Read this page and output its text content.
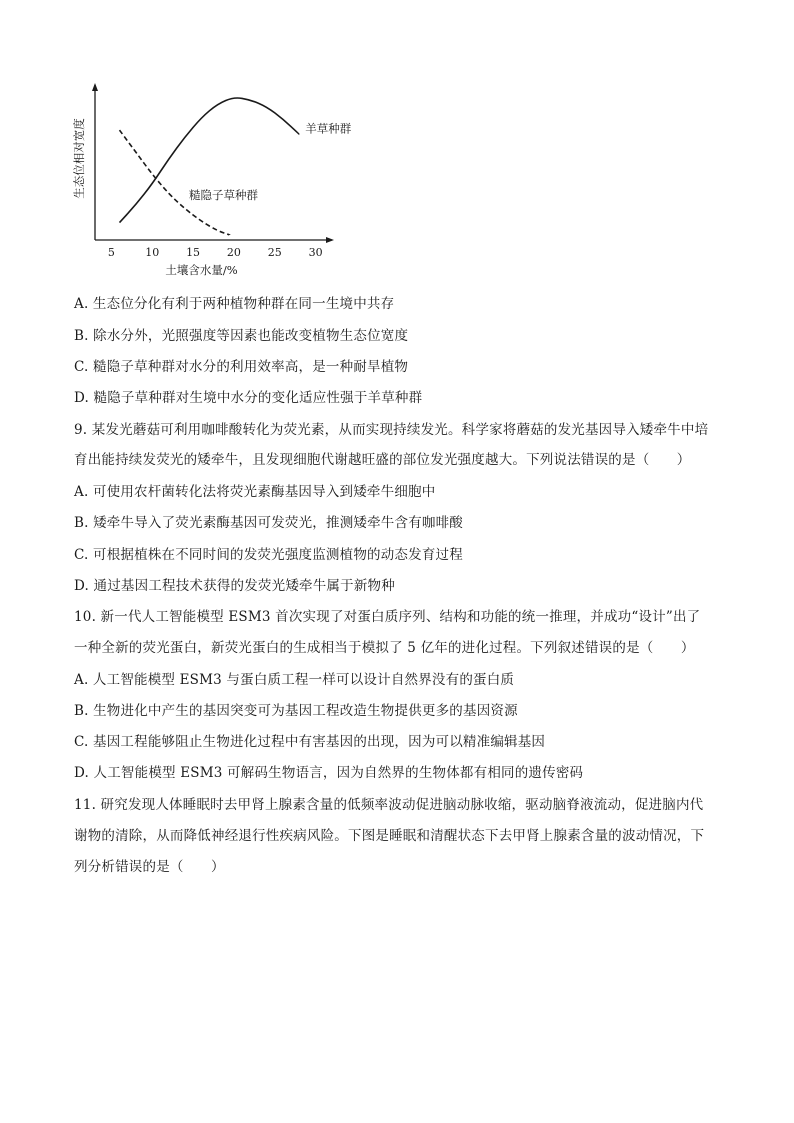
羊草种群
糙隐子草种群
5	10 15 20 25 30
土壤含水量/%
生态位相对宽度
A. 生态位分化有利于两种植物种群在同一生境中共存
B. 除水分外，光照强度等因素也能改变植物生态位宽度
C. 糙隐子草种群对水分的利用效率高，是一种耐旱植物
D. 糙隐子草种群对生境中水分的变化适应性强于羊草种群
9. 某发光蘑菇可利用咖啡酸转化为荧光素，从而实现持续发光。科学家将蘑菇的发光基因导入矮牵牛中培
育出能持续发荧光的矮牵牛，且发现细胞代谢越旺盛的部位发光强度越大。下列说法错误的是（　　）
A. 可使用农杆菌转化法将荧光素酶基因导入到矮牵牛细胞中
B. 矮牵牛导入了荧光素酶基因可发荧光，推测矮牵牛含有咖啡酸
C. 可根据植株在不同时间的发荧光强度监测植物的动态发育过程
D. 通过基因工程技术获得的发荧光矮牵牛属于新物种
10. 新一代人工智能模型 ESM3 首次实现了对蛋白质序列、结构和功能的统一推理，并成功“设计”出了
一种全新的荧光蛋白，新荧光蛋白的生成相当于模拟了 5 亿年的进化过程。下列叙述错误的是（　　）
A. 人工智能模型 ESM3 与蛋白质工程一样可以设计自然界没有的蛋白质
B. 生物进化中产生的基因突变可为基因工程改造生物提供更多的基因资源
C. 基因工程能够阻止生物进化过程中有害基因的出现，因为可以精准编辑基因
D. 人工智能模型 ESM3 可解码生物语言，因为自然界的生物体都有相同的遗传密码
11. 研究发现人体睡眠时去甲肾上腺素含量的低频率波动促进脑动脉收缩，驱动脑脊液流动，促进脑内代
谢物的清除，从而降低神经退行性疾病风险。下图是睡眠和清醒状态下去甲肾上腺素含量的波动情况，下
列分析错误的是（　　）
